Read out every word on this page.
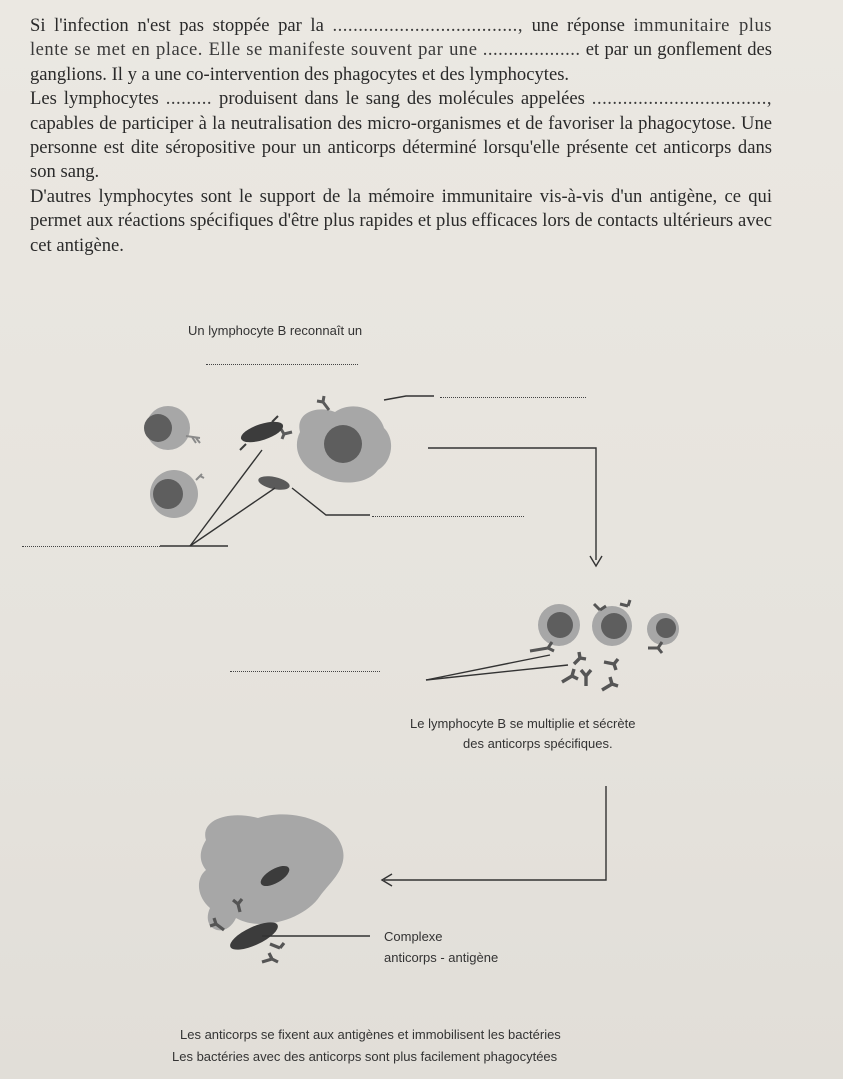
Si l'infection n'est pas stoppée par la ...................................., une réponse immunitaire plus lente se met en place. Elle se manifeste souvent par une ................... et par un gonflement des ganglions. Il y a une co-intervention des phagocytes et des lymphocytes.

Les lymphocytes ......... produisent dans le sang des molécules appelées .................................., capables de participer à la neutralisation des micro-organismes et de favoriser la phagocytose. Une personne est dite séropositive pour un anticorps déterminé lorsqu'elle présente cet anticorps dans son sang.

D'autres lymphocytes sont le support de la mémoire immunitaire vis-à-vis d'un antigène, ce qui permet aux réactions spécifiques d'être plus rapides et plus efficaces lors de contacts ultérieurs avec cet antigène.

Un lymphocyte B reconnaît un
Le lymphocyte B se multiplie et sécrète
des anticorps spécifiques.
Complexe
anticorps - antigène
Les anticorps se fixent aux antigènes et immobilisent les bactéries
Les bactéries avec des anticorps sont plus facilement phagocytées
